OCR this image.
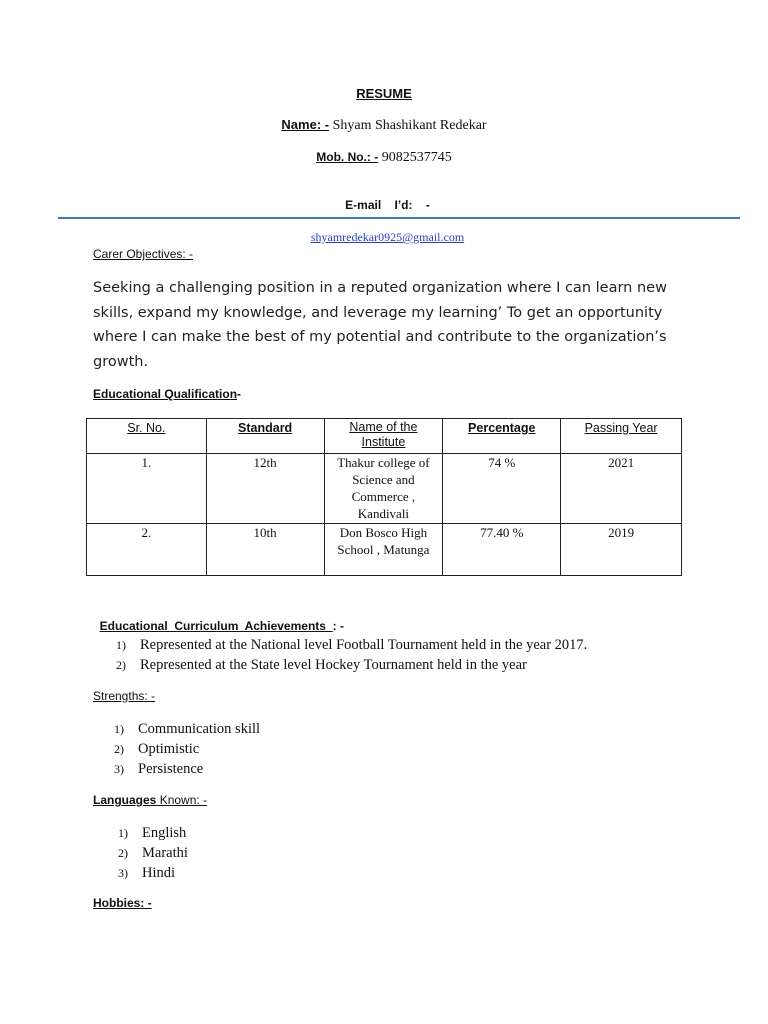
RESUME
Name: - Shyam Shashikant Redekar
Mob. No.: - 9082537745

E-mail    I’d:    -

shyamredekar0925@gmail.com

Carer Objectives: -
Seeking a challenging position in a reputed organization where I can learn new skills, expand my knowledge, and leverage my learning’ To get an opportunity where I can make the best of my potential and contribute to the organization’s growth.
Educational Qualification-
Sr. No.	Standard	Name of the Institute	Percentage	Passing Year
1.	12th	Thakur college of Science and Commerce , Kandivali	74 %	2021
2.	10th	Don Bosco High School , Matunga	77.40 %	2019

Educational  Curriculum  Achievements  : -

1) Represented at the National level Football Tournament held in the year 2017.
2) Represented at the State level Hockey Tournament held in the year
Strengths: -
1) Communication skill
2) Optimistic
3) Persistence
Languages Known: -
1) English
2) Marathi
3) Hindi
Hobbies: -
